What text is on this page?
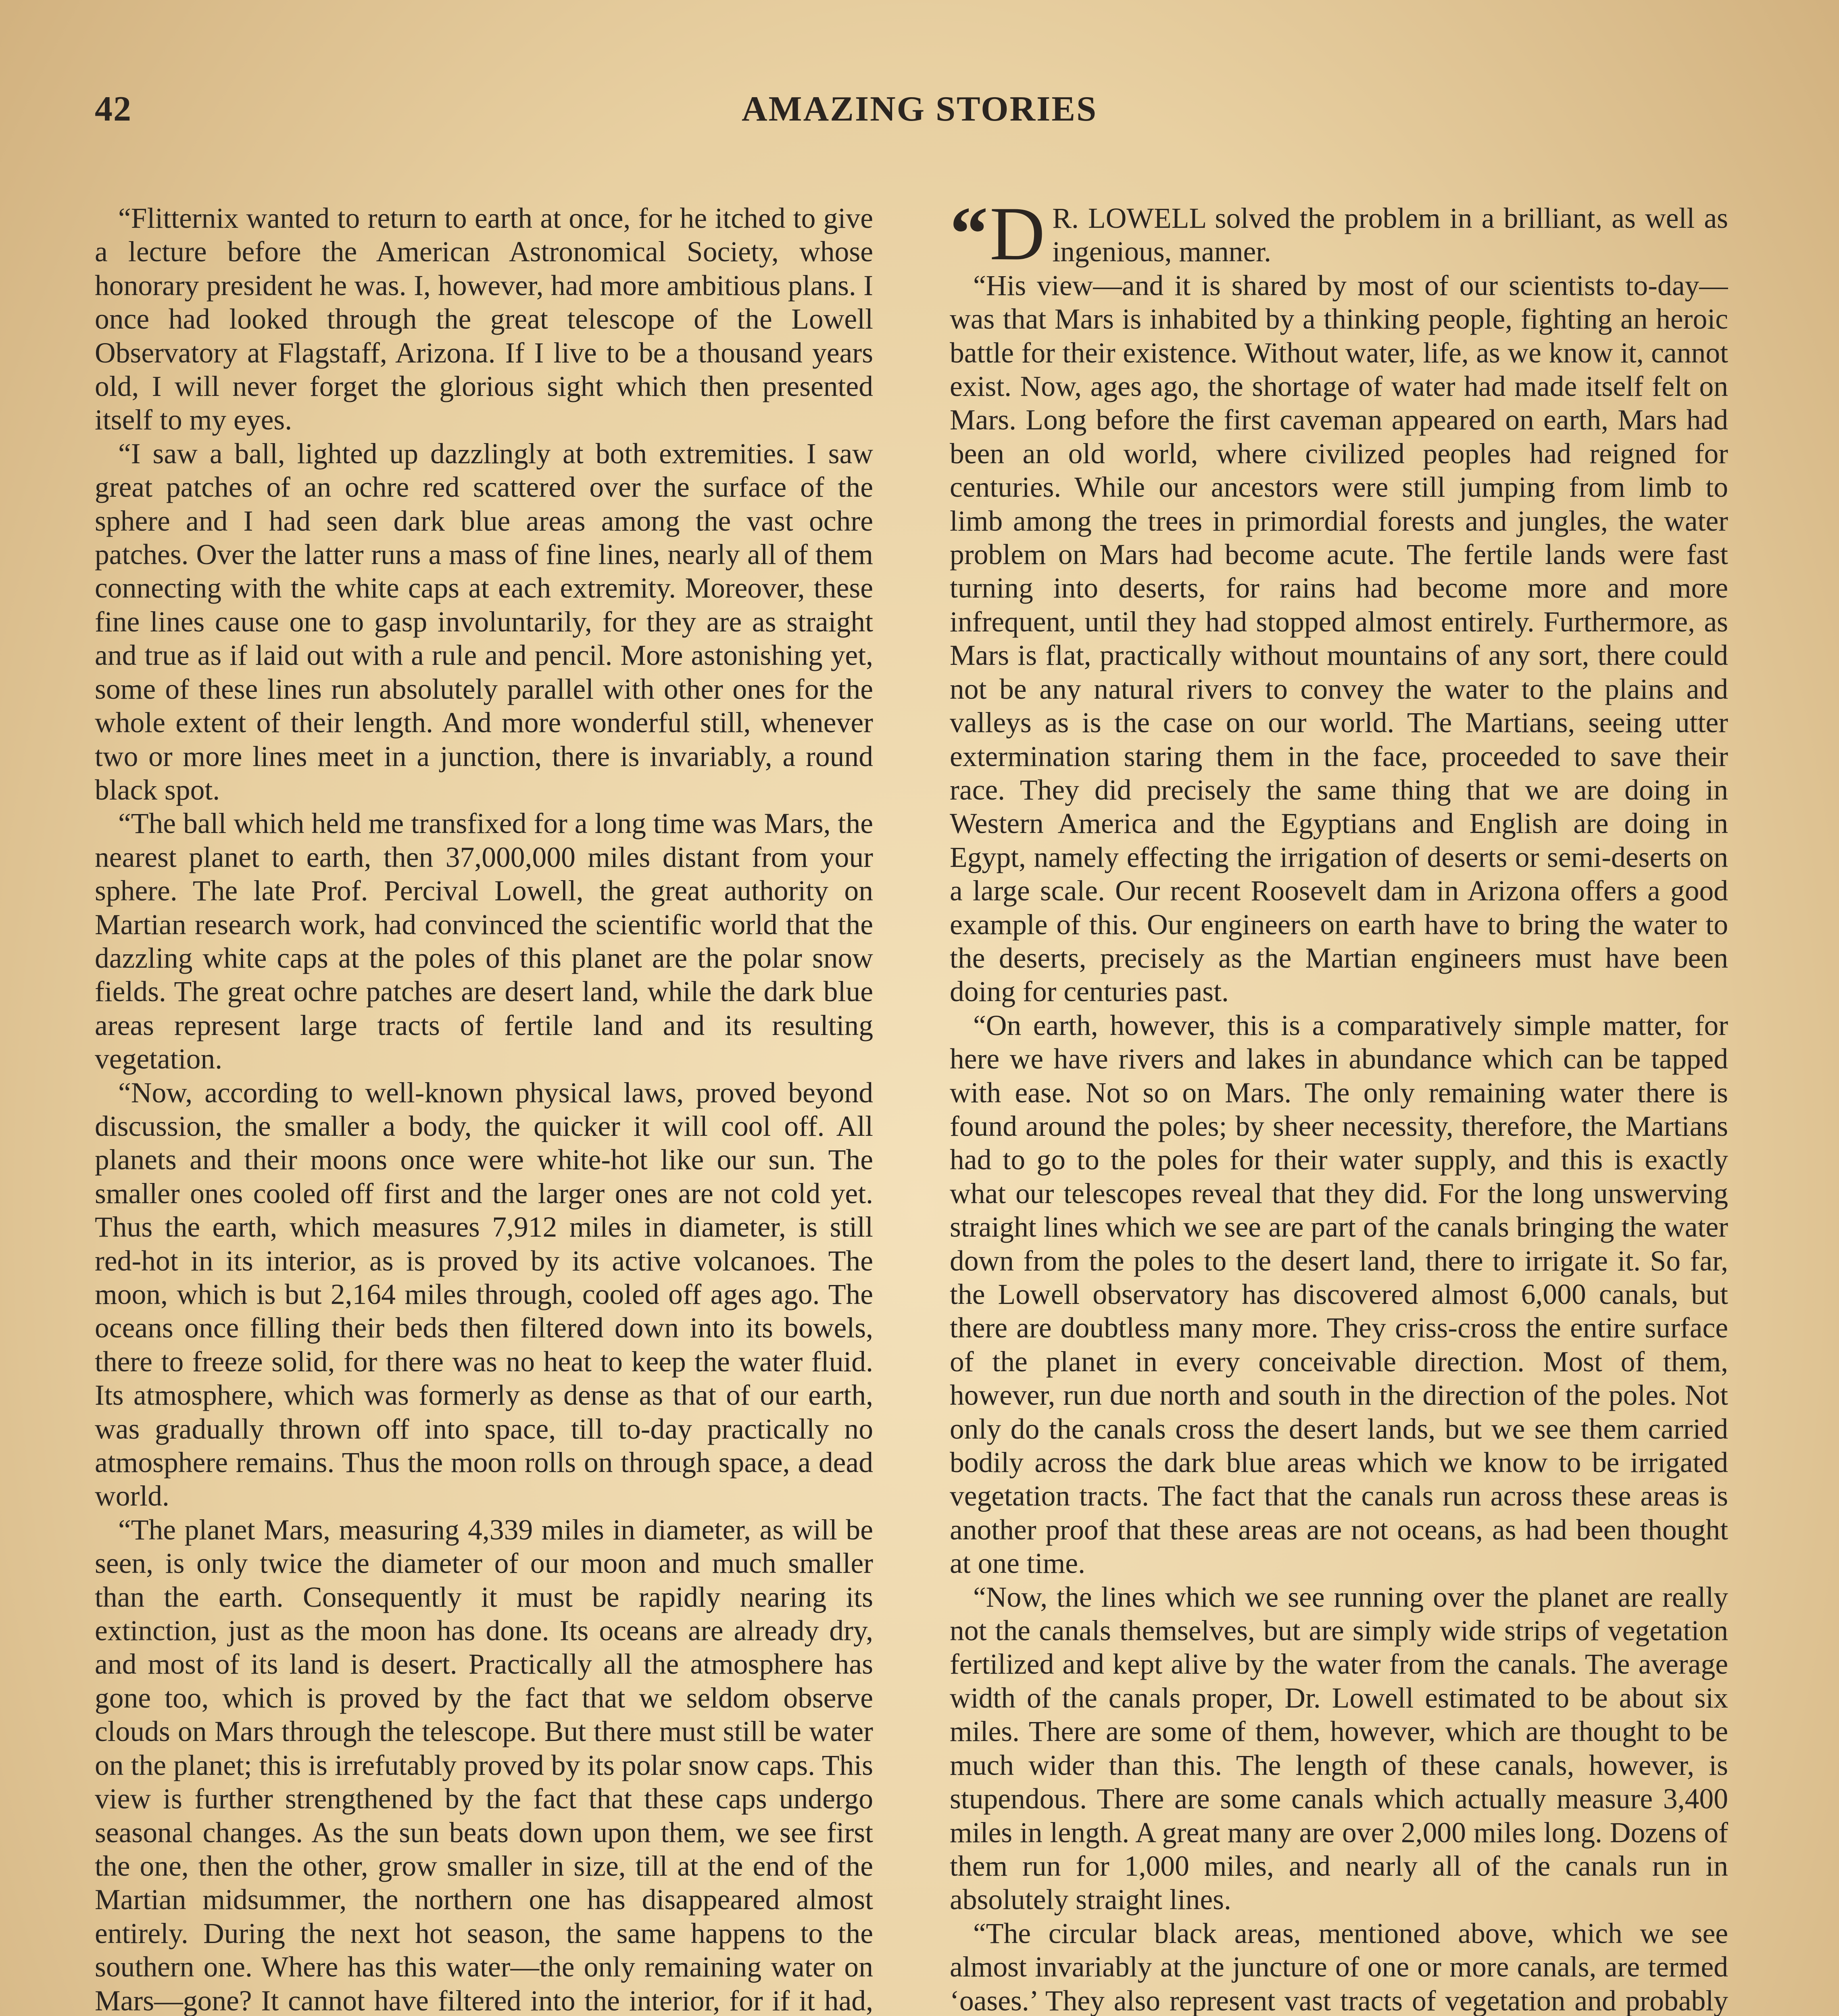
42	AMAZING STORIES

“Flitternix wanted to return to earth at once, for he itched to give a lecture before the American Astronomical Society, whose honorary president he was. I, however, had more ambitious plans. I once had looked through the great telescope of the Lowell Observatory at Flagstaff, Arizona. If I live to be a thousand years old, I will never forget the glorious sight which then presented itself to my eyes.

“I saw a ball, lighted up dazzlingly at both extremities. I saw great patches of an ochre red scattered over the surface of the sphere and I had seen dark blue areas among the vast ochre patches. Over the latter runs a mass of fine lines, nearly all of them connecting with the white caps at each extremity. Moreover, these fine lines cause one to gasp involuntarily, for they are as straight and true as if laid out with a rule and pencil. More astonishing yet, some of these lines run absolutely parallel with other ones for the whole extent of their length. And more wonderful still, whenever two or more lines meet in a junction, there is invariably, a round black spot.

“The ball which held me transfixed for a long time was Mars, the nearest planet to earth, then 37,000,000 miles distant from your sphere. The late Prof. Percival Lowell, the great authority on Martian research work, had convinced the scientific world that the dazzling white caps at the poles of this planet are the polar snow fields. The great ochre patches are desert land, while the dark blue areas represent large tracts of fertile land and its resulting vegetation.

“Now, according to well-known physical laws, proved beyond discussion, the smaller a body, the quicker it will cool off. All planets and their moons once were white-hot like our sun. The smaller ones cooled off first and the larger ones are not cold yet. Thus the earth, which measures 7,912 miles in diameter, is still red-hot in its interior, as is proved by its active volcanoes. The moon, which is but 2,164 miles through, cooled off ages ago. The oceans once filling their beds then filtered down into its bowels, there to freeze solid, for there was no heat to keep the water fluid. Its atmosphere, which was formerly as dense as that of our earth, was gradually thrown off into space, till to-day practically no atmosphere remains. Thus the moon rolls on through space, a dead world.

“The planet Mars, measuring 4,339 miles in diameter, as will be seen, is only twice the diameter of our moon and much smaller than the earth. Consequently it must be rapidly nearing its extinction, just as the moon has done. Its oceans are already dry, and most of its land is desert. Practically all the atmosphere has gone too, which is proved by the fact that we seldom observe clouds on Mars through the telescope. But there must still be water on the planet; this is irrefutably proved by its polar snow caps. This view is further strengthened by the fact that these caps undergo seasonal changes. As the sun beats down upon them, we see first the one, then the other, grow smaller in size, till at the end of the Martian midsummer, the northern one has disappeared almost entirely. During the next hot season, the same happens to the southern one. Where has this water—the only remaining water on Mars—gone? It cannot have filtered into the interior, for if it had,

“ D R. LOWELL solved the problem in a brilliant, as well as ingenious, manner.

“His view—and it is shared by most of our scientists to-day—was that Mars is inhabited by a thinking people, fighting an heroic battle for their existence. Without water, life, as we know it, cannot exist. Now, ages ago, the shortage of water had made itself felt on Mars. Long before the first caveman appeared on earth, Mars had been an old world, where civilized peoples had reigned for centuries. While our ancestors were still jumping from limb to limb among the trees in primordial forests and jungles, the water problem on Mars had become acute. The fertile lands were fast turning into deserts, for rains had become more and more infrequent, until they had stopped almost entirely. Furthermore, as Mars is flat, practically without mountains of any sort, there could not be any natural rivers to convey the water to the plains and valleys as is the case on our world. The Martians, seeing utter extermination staring them in the face, proceeded to save their race. They did precisely the same thing that we are doing in Western America and the Egyptians and English are doing in Egypt, namely effecting the irrigation of deserts or semi-deserts on a large scale. Our recent Roosevelt dam in Arizona offers a good example of this. Our engineers on earth have to bring the water to the deserts, precisely as the Martian engineers must have been doing for centuries past.

“On earth, however, this is a comparatively simple matter, for here we have rivers and lakes in abundance which can be tapped with ease. Not so on Mars. The only remaining water there is found around the poles; by sheer necessity, therefore, the Martians had to go to the poles for their water supply, and this is exactly what our telescopes reveal that they did. For the long unswerving straight lines which we see are part of the canals bringing the water down from the poles to the desert land, there to irrigate it. So far, the Lowell observatory has discovered almost 6,000 canals, but there are doubtless many more. They criss-cross the entire surface of the planet in every conceivable direction. Most of them, however, run due north and south in the direction of the poles. Not only do the canals cross the desert lands, but we see them carried bodily across the dark blue areas which we know to be irrigated vegetation tracts. The fact that the canals run across these areas is another proof that these areas are not oceans, as had been thought at one time.

“Now, the lines which we see running over the planet are really not the canals themselves, but are simply wide strips of vegetation fertilized and kept alive by the water from the canals. The average width of the canals proper, Dr. Lowell estimated to be about six miles. There are some of them, however, which are thought to be much wider than this. The length of these canals, however, is stupendous. There are some canals which actually measure 3,400 miles in length. A great many are over 2,000 miles long. Dozens of them run for 1,000 miles, and nearly all of the canals run in absolutely straight lines.

“The circular black areas, mentioned above, which we see almost invariably at the juncture of one or more canals, are termed ‘oases.’ They also represent vast tracts of vegetation and probably
